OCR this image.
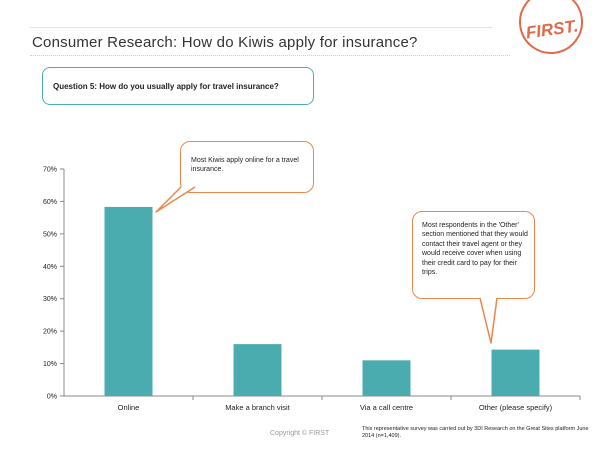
Consumer Research: How do Kiwis apply for insurance?
FIRST.
Question 5: How do you usually apply for travel insurance?
0%
10%
20%
30%
40%
50%
60%
70%
Online	Make a branch visit	Via a call centre	Other (please specify)
Most Kiwis apply online for a travel insurance.
Most respondents in the 'Other' section mentioned that they would contact their travel agent or they would receive cover when using their credit card to pay for their trips.
Copyright © FIRST
This representative survey was carried out by 3DI Research on the Great Sites platform June 2014 (n=1,409).
